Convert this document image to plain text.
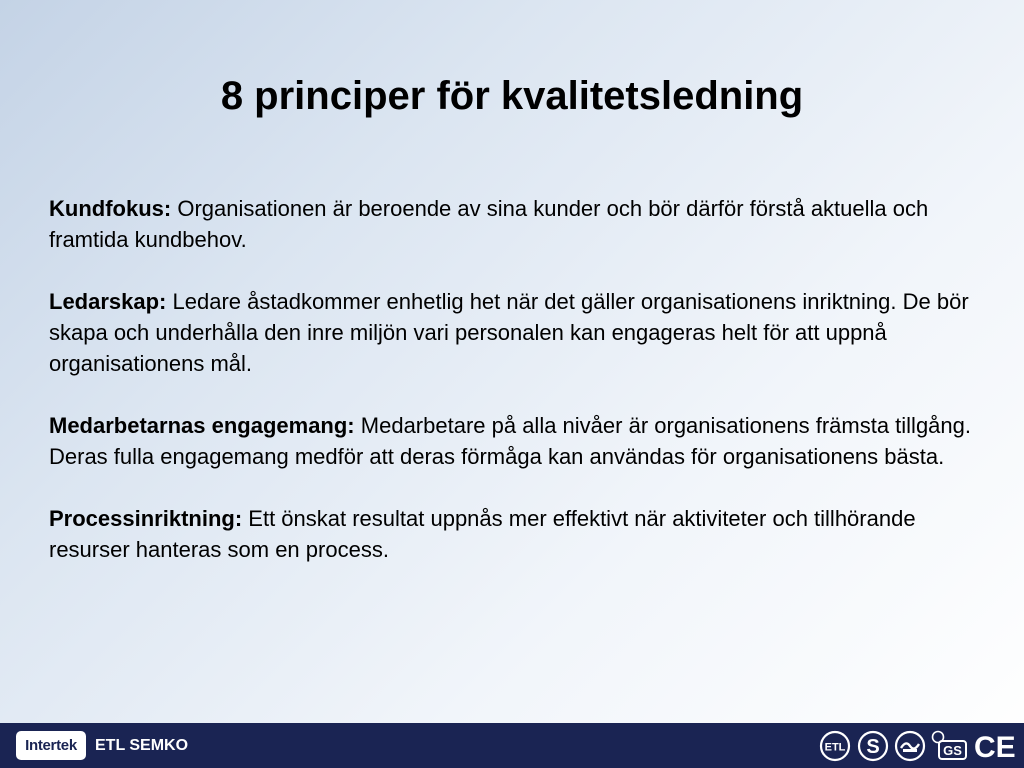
8 principer för kvalitetsledning

Kundfokus: Organisationen är beroende av sina kunder och bör därför förstå aktuella och framtida kundbehov.

Ledarskap: Ledare åstadkommer enhetlig het när det gäller organisationens inriktning. De bör skapa och underhålla den inre miljön vari personalen kan engageras helt för att uppnå organisationens mål.

Medarbetarnas engagemang: Medarbetare på alla nivåer är organisationens främsta tillgång. Deras fulla engagemang medför att deras förmåga kan användas för organisationens bästa.

Processinriktning: Ett önskat resultat uppnås mer effektivt när aktiviteter och tillhörande resurser hanteras som en process.

Intertek	ETL SEMKO	ETL S	GS CE
